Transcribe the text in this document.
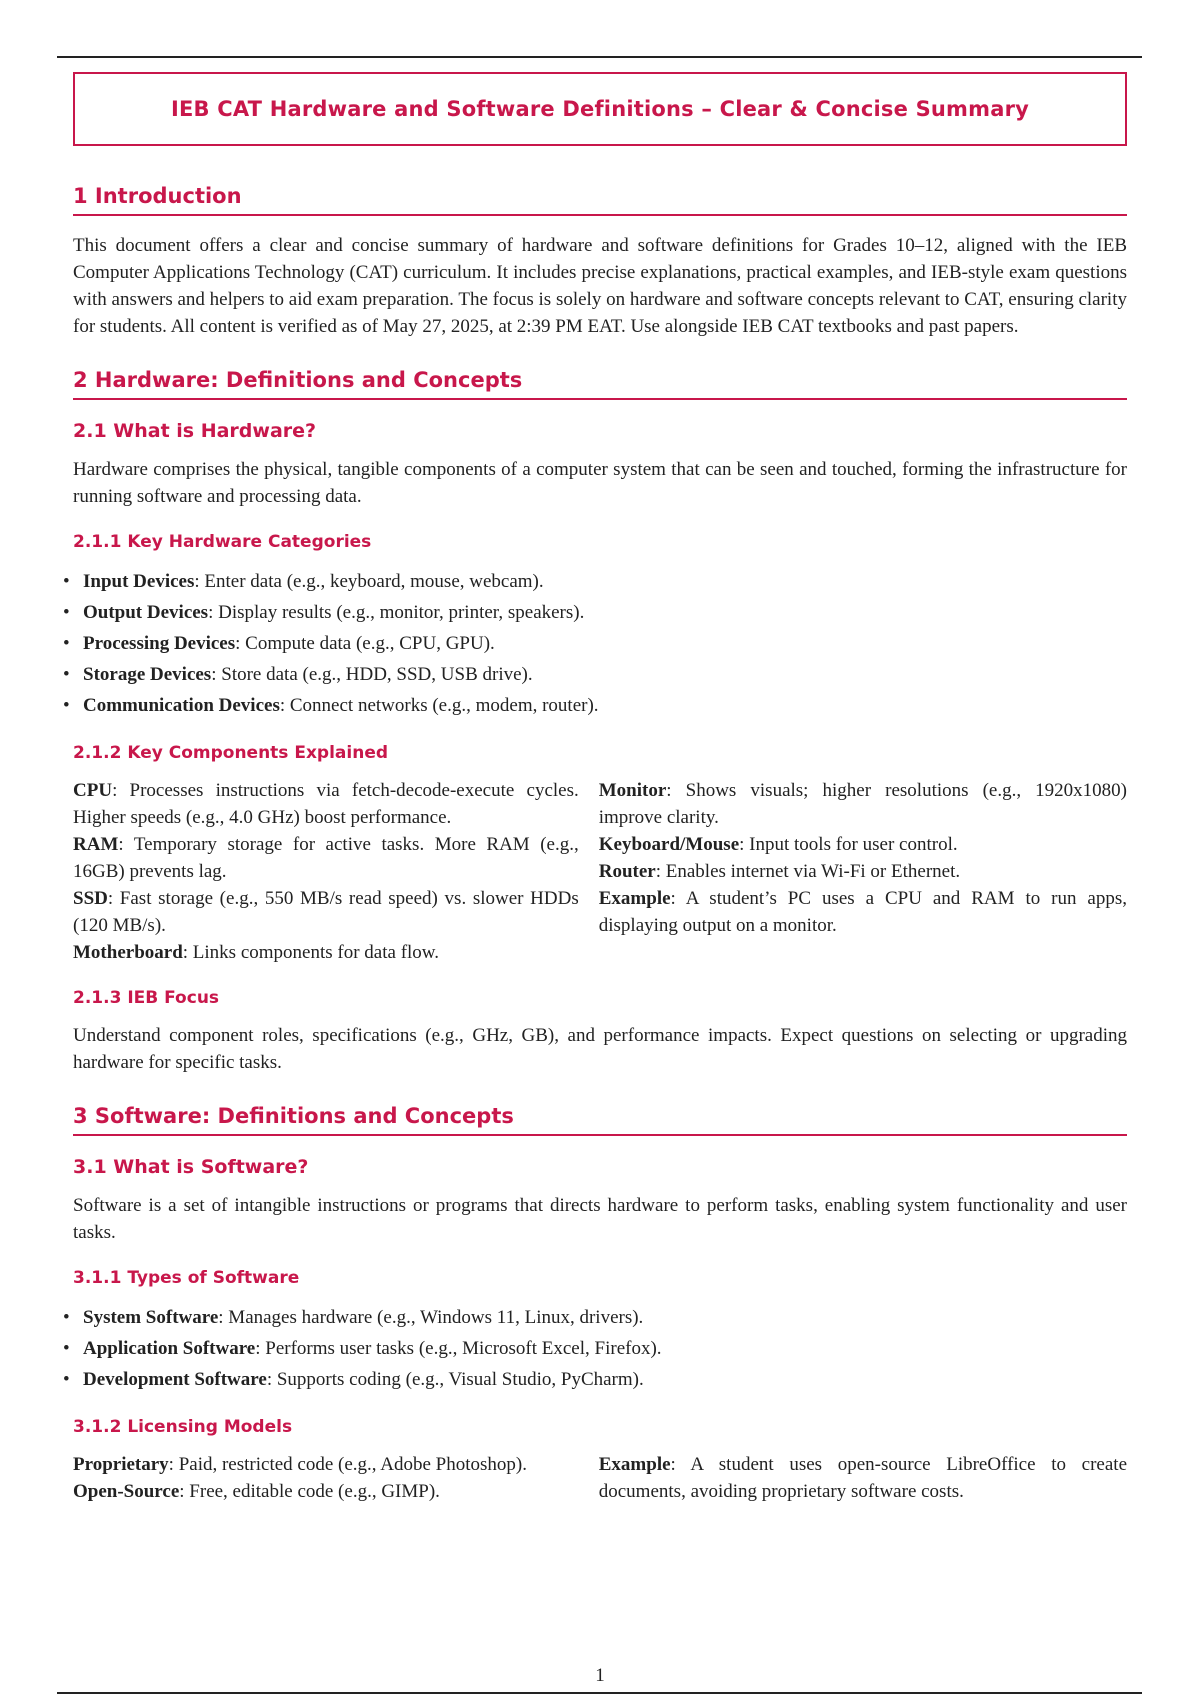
IEB CAT Hardware and Software Definitions – Clear & Concise Summary
1 Introduction

This document offers a clear and concise summary of hardware and software definitions for Grades 10–12, aligned with the IEB Computer Applications Technology (CAT) curriculum. It includes precise explanations, practical examples, and IEB-style exam questions with answers and helpers to aid exam preparation. The focus is solely on hardware and software concepts relevant to CAT, ensuring clarity for students. All content is verified as of May 27, 2025, at 2:39 PM EAT. Use alongside IEB CAT textbooks and past papers.

2 Hardware: Definitions and Concepts
2.1 What is Hardware?

Hardware comprises the physical, tangible components of a computer system that can be seen and touched, forming the infrastructure for running software and processing data.

2.1.1 Key Hardware Categories
• Input Devices: Enter data (e.g., keyboard, mouse, webcam).
• Output Devices: Display results (e.g., monitor, printer, speakers).
• Processing Devices: Compute data (e.g., CPU, GPU).
• Storage Devices: Store data (e.g., HDD, SSD, USB drive).
• Communication Devices: Connect networks (e.g., modem, router).
2.1.2 Key Components Explained

CPU: Processes instructions via fetch-decode-execute cycles. Higher speeds (e.g., 4.0 GHz) boost performance.

RAM: Temporary storage for active tasks. More RAM (e.g., 16GB) prevents lag.

SSD: Fast storage (e.g., 550 MB/s read speed) vs. slower HDDs (120 MB/s).

Motherboard: Links components for data flow.

Monitor: Shows visuals; higher resolutions (e.g., 1920x1080) improve clarity.

Keyboard/Mouse: Input tools for user control.

Router: Enables internet via Wi-Fi or Ethernet.

Example: A student’s PC uses a CPU and RAM to run apps, displaying output on a monitor.

2.1.3 IEB Focus

Understand component roles, specifications (e.g., GHz, GB), and performance impacts. Expect questions on selecting or upgrading hardware for specific tasks.

3 Software: Definitions and Concepts
3.1 What is Software?

Software is a set of intangible instructions or programs that directs hardware to perform tasks, enabling system functionality and user tasks.

3.1.1 Types of Software
• System Software: Manages hardware (e.g., Windows 11, Linux, drivers).
• Application Software: Performs user tasks (e.g., Microsoft Excel, Firefox).
• Development Software: Supports coding (e.g., Visual Studio, PyCharm).
3.1.2 Licensing Models

Proprietary: Paid, restricted code (e.g., Adobe Photoshop).

Open-Source: Free, editable code (e.g., GIMP).

Example: A student uses open-source LibreOffice to create documents, avoiding proprietary software costs.

1
